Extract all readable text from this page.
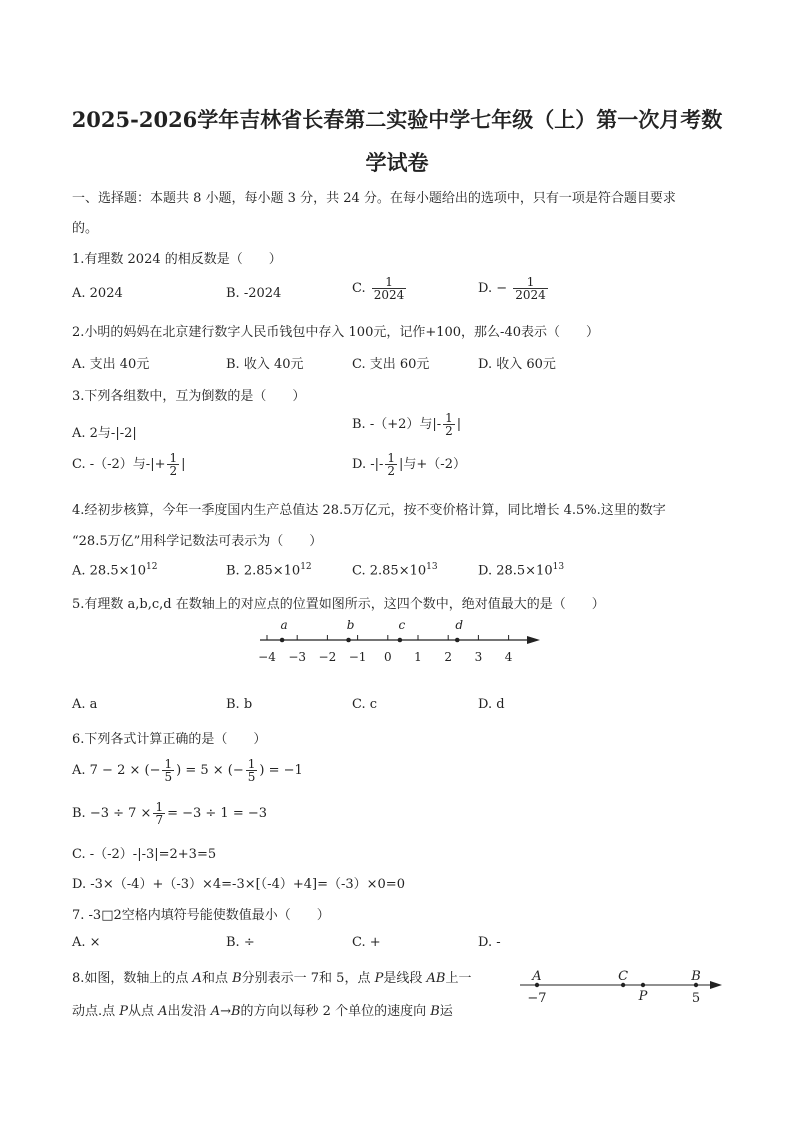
2025-2026学年吉林省长春第二实验中学七年级（上）第一次月考数
学试卷
一、选择题：本题共 8 小题，每小题 3 分，共 24 分。在每小题给出的选项中，只有一项是符合题目要求
的。
1.有理数 2024 的相反数是（　　）
A. 2024	B. -2024	C. $\frac{1}{2024}$	D. − $\frac{1}{2024}$
2.小明的妈妈在北京建行数字人民币钱包中存入 100元，记作+100，那么-40表示（　　）
A. 支出 40元	B. 收入 40元	C. 支出 60元	D. 收入 60元
3.下列各组数中，互为倒数的是（　　）
A. 2与-|-2|
B. -（+2）与|- $\frac{1}{2}$ |
C. -（-2）与-|+ $\frac{1}{2}$ |	D. -|- $\frac{1}{2}$ |与+（-2）
4.经初步核算，今年一季度国内生产总值达 28.5万亿元，按不变价格计算，同比增长 4.5%.这里的数字
“28.5万亿”用科学记数法可表示为（　　）
A. $28.5\times 10^{12}$	B. $2.85\times 10^{12}$	C. $2.85\times 10^{13}$	D. $28.5\times 10^{13}$
5.有理数 a,b,c,d 在数轴上的对应点的位置如图所示，这四个数中，绝对值最大的是（　　）
−4 −3 −2 −1 0 1 2 3 4
a	b	c	d
A. a	B. b	C. c	D. d
6.下列各式计算正确的是（　　）
A. 7 − 2 × (− $\frac{1}{5}$ ) = 5 × (− $\frac{1}{5}$ ) = −1
B. $-3 \div 7 \times \frac{1}{7} = -3 \div 1 = -3$
C. -（-2）-|-3|=2+3=5
D. -3×（-4）+（-3）×4=-3×[（-4）+4]=（-3）×0=0
7. -3□2空格内填符号能使数值最小（　　）
A. ×	B. ÷	C. +	D. -
8.如图，数轴上的点 A和点 B分别表示一 7和 5，点 P是线段 AB上一
动点.点 P从点 A出发沿 A→B的方向以每秒 2 个单位的速度向 B运
A	C
P
B
−7	5
